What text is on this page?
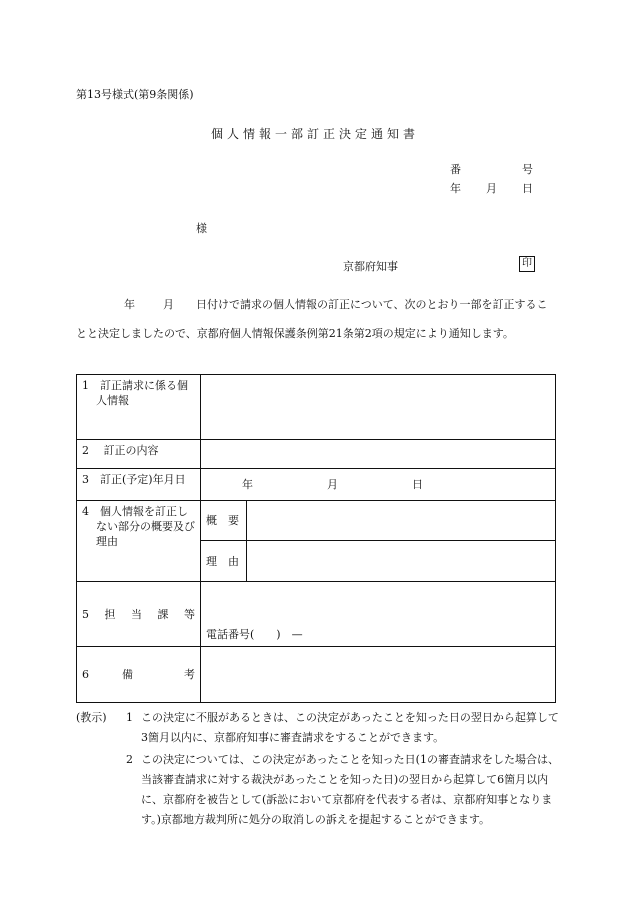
第13号様式(第9条関係)
個人情報一部訂正決定通知書
番	号
年 月 日
様
京都府知事	印
年	月 日付けで請求の個人情報の訂正について、次のとおり一部を訂正することと決定しましたので、京都府個人情報保護条例第21条第2項の規定により通知します。
1　訂正請求に係る個人情報		

2　 訂正の内容		
3　訂正(予定)年月日	年 月 日	

4　個人情報を訂正しない部分の概要及び理由	概　要	
	理　由	

5 担 当 課 等	電話番号(　　)　—	

6 備 考		

(教示) 1 この決定に不服があるときは、この決定があったことを知った日の翌日から起算して3箇月以内に、京都府知事に審査請求をすることができます。
2 この決定については、この決定があったことを知った日(1の審査請求をした場合は、当該審査請求に対する裁決があったことを知った日)の翌日から起算して6箇月以内に、京都府を被告として(訴訟において京都府を代表する者は、京都府知事となります。)京都地方裁判所に処分の取消しの訴えを提起することができます。
